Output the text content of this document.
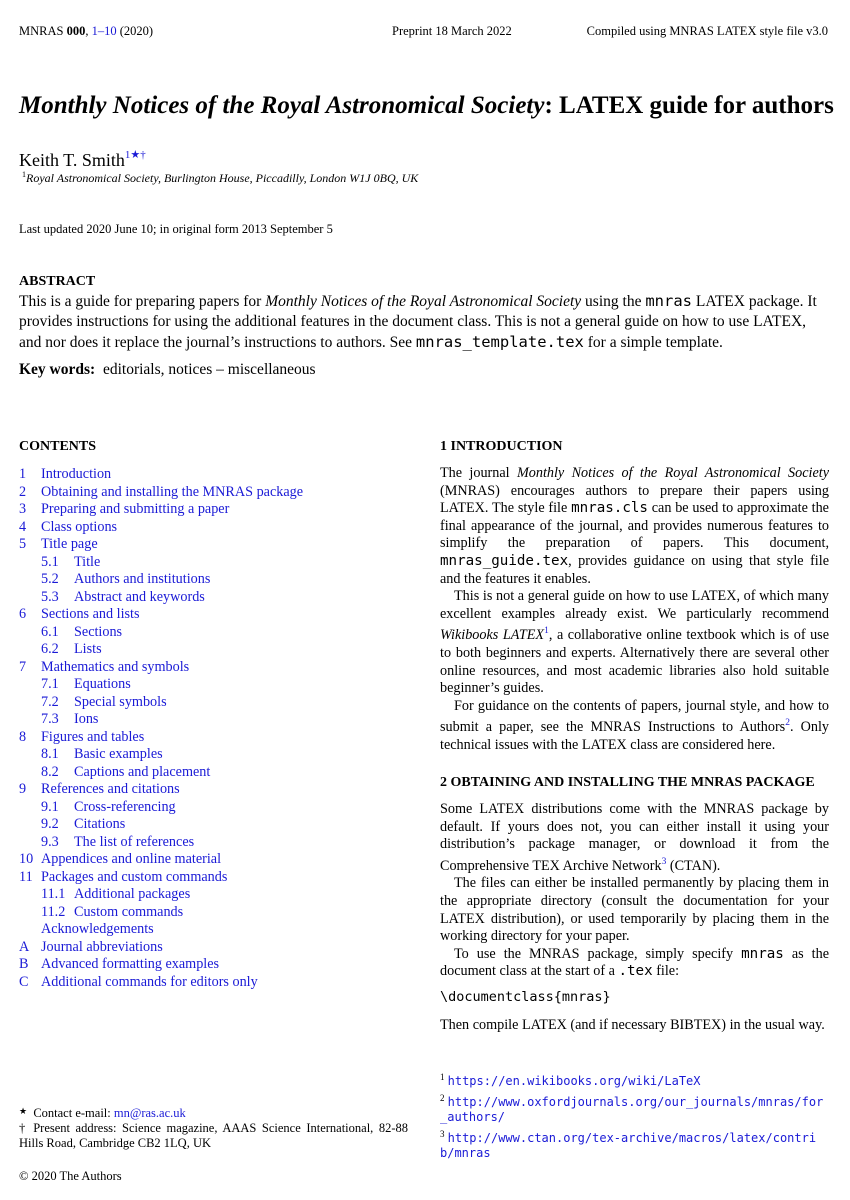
MNRAS 000, 1–10 (2020)	Preprint 18 March 2022	Compiled using MNRAS LATEX style file v3.0
Monthly Notices of the Royal Astronomical Society: LATEX guide for authors
Keith T. Smith$^{1★\dagger}$
$^1$Royal Astronomical Society, Burlington House, Piccadilly, London W1J 0BQ, UK
Last updated 2020 June 10; in original form 2013 September 5
ABSTRACT
This is a guide for preparing papers for Monthly Notices of the Royal Astronomical Society using the mnras LATEX package. It provides instructions for using the additional features in the document class. This is not a general guide on how to use LATEX, and nor does it replace the journal’s instructions to authors. See mnras_template.tex for a simple template.
Key words: editorials, notices – miscellaneous
CONTENTS
1 Introduction
2 Obtaining and installing the MNRAS package
3 Preparing and submitting a paper
4 Class options
5 Title page
5.1 Title
5.2 Authors and institutions
5.3 Abstract and keywords
6 Sections and lists
6.1 Sections
6.2 Lists
7 Mathematics and symbols
7.1 Equations
7.2 Special symbols
7.3 Ions
8 Figures and tables
8.1 Basic examples
8.2 Captions and placement
9 References and citations
9.1 Cross-referencing
9.2 Citations
9.3 The list of references
10 Appendices and online material
11 Packages and custom commands
11.1 Additional packages
11.2 Custom commands
Acknowledgements
A Journal abbreviations
B Advanced formatting examples
C Additional commands for editors only
★ Contact e-mail: mn@ras.ac.uk
† Present address: Science magazine, AAAS Science International, 82-88 Hills Road, Cambridge CB2 1LQ, UK
1 INTRODUCTION

The journal Monthly Notices of the Royal Astronomical Society (MNRAS) encourages authors to prepare their papers using LATEX. The style file mnras.cls can be used to approximate the final appearance of the journal, and provides numerous features to simplify the preparation of papers. This document, mnras_guide.tex, provides guidance on using that style file and the features it enables.

This is not a general guide on how to use LATEX, of which many excellent examples already exist. We particularly recommend Wikibooks LATEX$^1$, a collaborative online textbook which is of use to both beginners and experts. Alternatively there are several other online resources, and most academic libraries also hold suitable beginner’s guides.

For guidance on the contents of papers, journal style, and how to submit a paper, see the MNRAS Instructions to Authors$^2$. Only technical issues with the LATEX class are considered here.

2 OBTAINING AND INSTALLING THE MNRAS PACKAGE

Some LATEX distributions come with the MNRAS package by default. If yours does not, you can either install it using your distribution’s package manager, or download it from the Comprehensive TEX Archive Network$^3$ (CTAN).

The files can either be installed permanently by placing them in the appropriate directory (consult the documentation for your LATEX distribution), or used temporarily by placing them in the working directory for your paper.

To use the MNRAS package, simply specify mnras as the document class at the start of a .tex file:

\documentclass{mnras}

Then compile LATEX (and if necessary BIBTEX) in the usual way.

$^1$ https://en.wikibooks.org/wiki/LaTeX
$^2$ http://www.oxfordjournals.org/our_journals/mnras/for_authors/
$^3$ http://www.ctan.org/tex-archive/macros/latex/contrib/mnras
© 2020 The Authors
